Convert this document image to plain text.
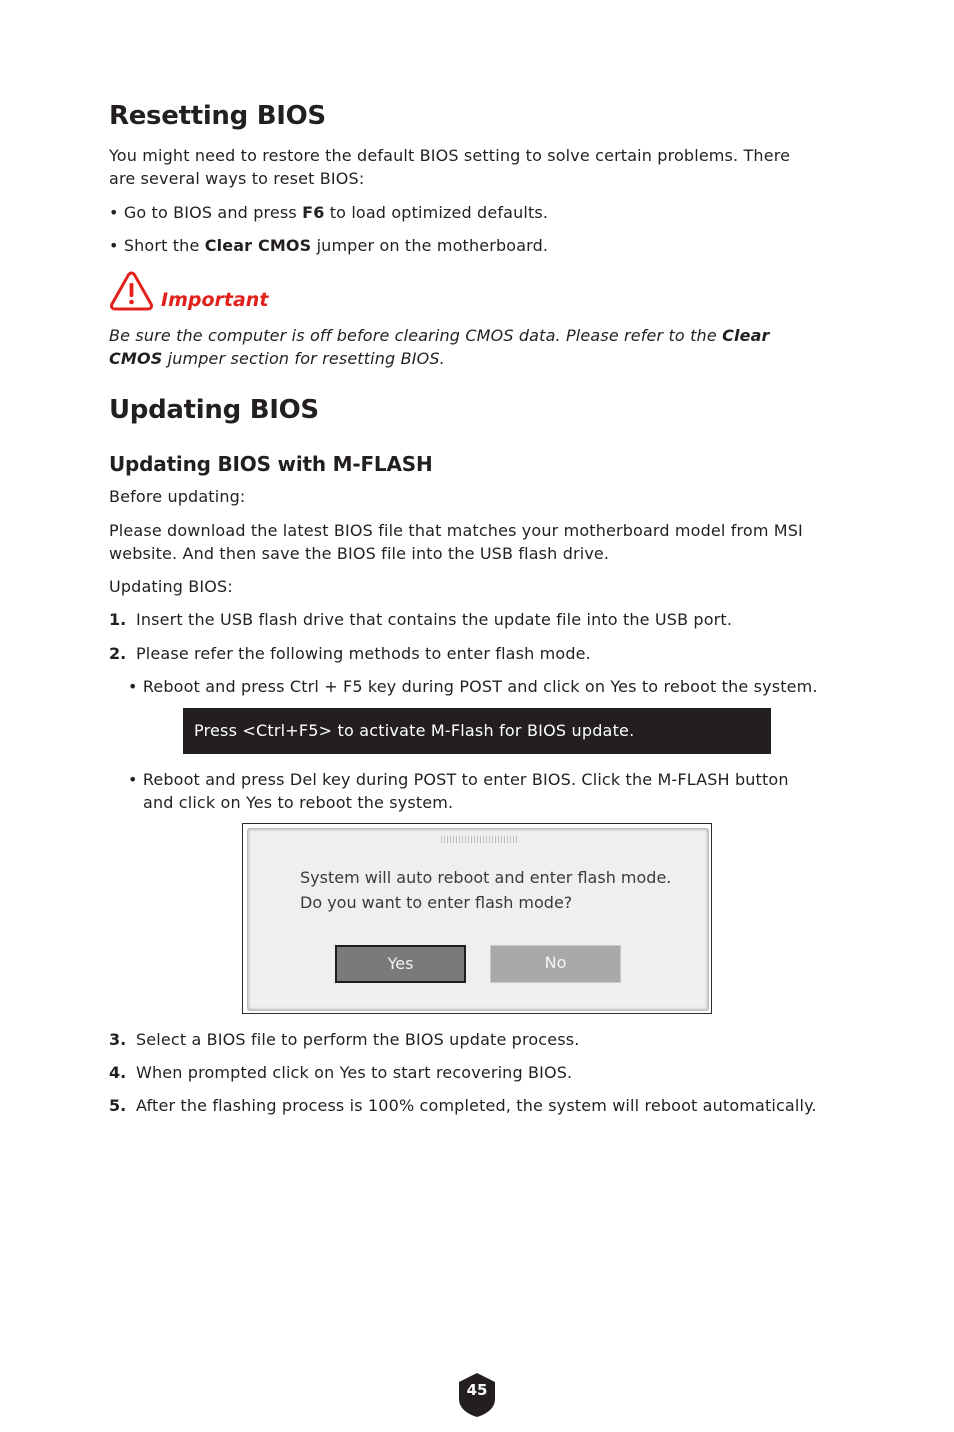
Resetting BIOS
You might need to restore the default BIOS setting to solve certain problems. There
are several ways to reset BIOS:
• Go to BIOS and press F6 to load optimized defaults.
• Short the Clear CMOS jumper on the motherboard.
Important
Be sure the computer is off before clearing CMOS data. Please refer to the Clear
CMOS jumper section for resetting BIOS.
Updating BIOS
Updating BIOS with M-FLASH
Before updating:
Please download the latest BIOS file that matches your motherboard model from MSI
website. And then save the BIOS file into the USB flash drive.
Updating BIOS:
1. Insert the USB flash drive that contains the update file into the USB port.
2. Please refer the following methods to enter flash mode.
• Reboot and press Ctrl + F5 key during POST and click on Yes to reboot the system.
Press <Ctrl+F5> to activate M-Flash for BIOS update.
• Reboot and press Del key during POST to enter BIOS. Click the M-FLASH button
and click on Yes to reboot the system.
System will auto reboot and enter flash mode.
Do you want to enter flash mode?
Yes	No
3. Select a BIOS file to perform the BIOS update process.
4. When prompted click on Yes to start recovering BIOS.
5. After the flashing process is 100% completed, the system will reboot automatically.
45
